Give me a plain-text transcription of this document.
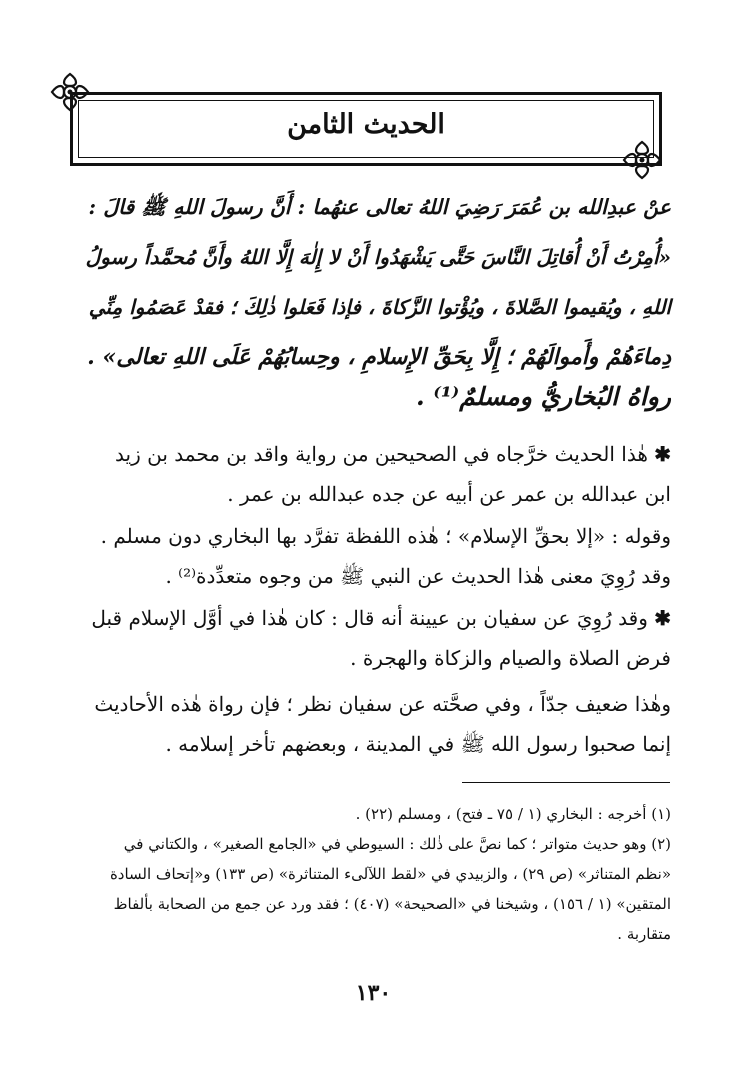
الحديث الثامن
عنْ عبدِالله بن عُمَرَ رَضِيَ اللهُ تعالى عنهُما : أَنَّ رسولَ اللهِ ﷺ قالَ :
«أُمِرْتُ أَنْ أُقاتِلَ النَّاسَ حَتَّى يَشْهَدُوا أَنْ لا إِلٰهَ إِلَّا اللهُ وأَنَّ مُحمَّداً رسولُ
اللهِ ، ويُقيموا الصَّلاةَ ، ويُؤْتوا الزَّكاةَ ، فإذا فَعَلوا ذٰلِكَ ؛ فقدْ عَصَمُوا مِنِّي
دِماءَهُمْ وأَموالَهُمْ ؛ إِلَّا بِحَقِّ الإِسلامِ ، وحِسابُهُمْ عَلَى اللهِ تعالى» .
رواهُ البُخاريُّ ومسلمٌ⁽¹⁾ .
✱ هٰذا الحديث خرَّجاه في الصحيحين من رواية واقد بن محمد بن زيد
ابن عبدالله بن عمر عن أبيه عن جده عبدالله بن عمر .
وقوله : «إلا بحقِّ الإسلام» ؛ هٰذه اللفظة تفرَّد بها البخاري دون مسلم .
وقد رُوِيَ معنى هٰذا الحديث عن النبي ﷺ من وجوه متعدِّدة⁽²⁾ .
✱ وقد رُوِيَ عن سفيان بن عيينة أنه قال : كان هٰذا في أوَّل الإسلام قبل
فرض الصلاة والصيام والزكاة والهجرة .
وهٰذا ضعيف جدّاً ، وفي صحَّته عن سفيان نظر ؛ فإن رواة هٰذه الأحاديث
إنما صحبوا رسول الله ﷺ في المدينة ، وبعضهم تأخر إسلامه .
(١) أخرجه : البخاري (١ / ٧٥ ـ فتح) ، ومسلم (٢٢) .
(٢) وهو حديث متواتر ؛ كما نصَّ على ذٰلك : السيوطي في «الجامع الصغير» ، والكتاني في
«نظم المتناثر» (ص ٢٩) ، والزبيدي في «لقط اللآلىء المتناثرة» (ص ١٣٣) و«إتحاف السادة
المتقين» (١ / ١٥٦) ، وشيخنا في «الصحيحة» (٤٠٧) ؛ فقد ورد عن جمع من الصحابة بألفاظ
متقاربة .
١٣٠
